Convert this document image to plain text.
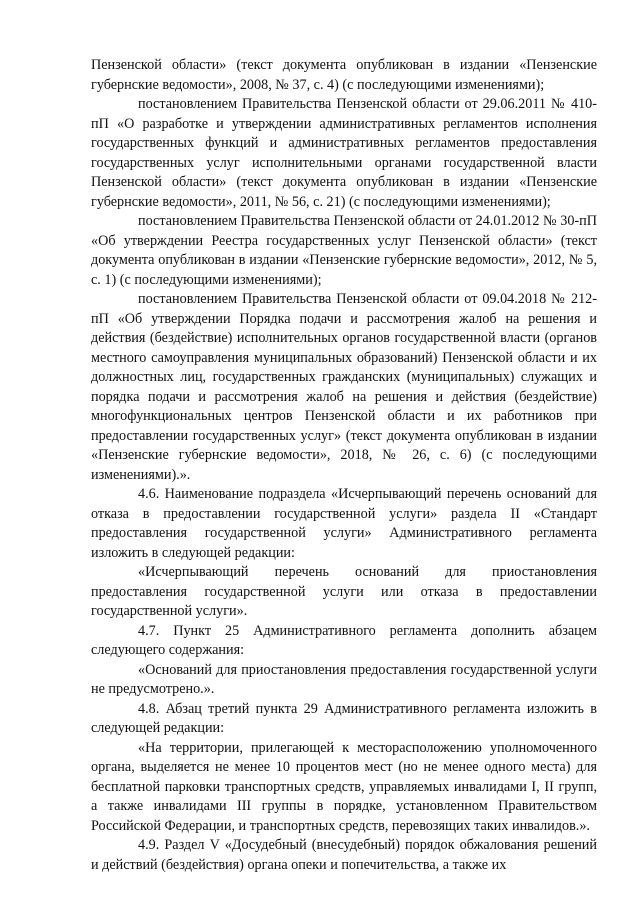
Пензенской области» (текст документа опубликован в издании «Пензенские губернские ведомости», 2008, № 37, с. 4) (с последующими изменениями);

постановлением Правительства Пензенской области от 29.06.2011 № 410-пП «О разработке и утверждении административных регламентов исполнения государственных функций и административных регламентов предоставления государственных услуг исполнительными органами государственной власти Пензенской области» (текст документа опубликован в издании «Пензенские губернские ведомости», 2011, № 56, с. 21) (с последующими изменениями);

постановлением Правительства Пензенской области от 24.01.2012 № 30-пП «Об утверждении Реестра государственных услуг Пензенской области» (текст документа опубликован в издании «Пензенские губернские ведомости», 2012, № 5, с. 1) (с последующими изменениями);

постановлением Правительства Пензенской области от 09.04.2018 № 212-пП «Об утверждении Порядка подачи и рассмотрения жалоб на решения и действия (бездействие) исполнительных органов государственной власти (органов местного самоуправления муниципальных образований) Пензенской области и их должностных лиц, государственных гражданских (муниципальных) служащих и порядка подачи и рассмотрения жалоб на решения и действия (бездействие) многофункциональных центров Пензенской области и их работников при предоставлении государственных услуг» (текст документа опубликован в издании «Пензенские губернские ведомости», 2018, № 26, с. 6) (с последующими изменениями).».

4.6. Наименование подраздела «Исчерпывающий перечень оснований для отказа в предоставлении государственной услуги» раздела II «Стандарт предоставления государственной услуги» Административного регламента изложить в следующей редакции:

«Исчерпывающий перечень оснований для приостановления предоставления государственной услуги или отказа в предоставлении государственной услуги».

4.7. Пункт 25 Административного регламента дополнить абзацем следующего содержания:

«Оснований для приостановления предоставления государственной услуги не предусмотрено.».

4.8. Абзац третий пункта 29 Административного регламента изложить в следующей редакции:

«На территории, прилегающей к месторасположению уполномоченного органа, выделяется не менее 10 процентов мест (но не менее одного места) для бесплатной парковки транспортных средств, управляемых инвалидами I, II групп, а также инвалидами III группы в порядке, установленном Правительством Российской Федерации, и транспортных средств, перевозящих таких инвалидов.».

4.9. Раздел V «Досудебный (внесудебный) порядок обжалования решений и действий (бездействия) органа опеки и попечительства, а также их
